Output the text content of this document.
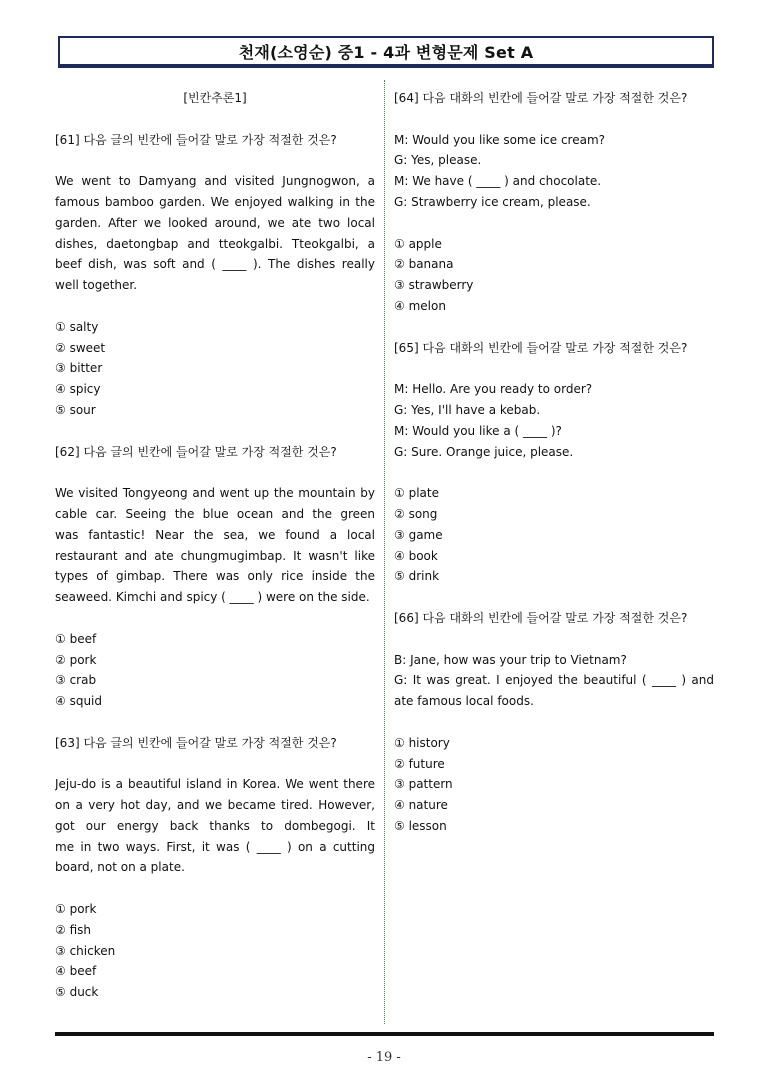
천재(소영순) 중1 - 4과 변형문제 Set A
[빈칸추론1]
[61] 다음 글의 빈칸에 들어갈 말로 가장 적절한 것은?
We went to Damyang and visited Jungnogwon, a
famous bamboo garden. We enjoyed walking in the
garden. After we looked around, we ate two local
dishes, daetongbap and tteokgalbi. Tteokgalbi, a
beef dish, was soft and ( ____ ). The dishes really
well together.
① salty
② sweet
③ bitter
④ spicy
⑤ sour
[62] 다음 글의 빈칸에 들어갈 말로 가장 적절한 것은?
We visited Tongyeong and went up the mountain by
cable car. Seeing the blue ocean and the green
was fantastic! Near the sea, we found a local
restaurant and ate chungmugimbap. It wasn't like
types of gimbap. There was only rice inside the
seaweed. Kimchi and spicy ( ____ ) were on the side.
① beef
② pork
③ crab
④ squid
[63] 다음 글의 빈칸에 들어갈 말로 가장 적절한 것은?
Jeju-do is a beautiful island in Korea. We went there
on a very hot day, and we became tired. However,
got our energy back thanks to dombegogi. It
me in two ways. First, it was ( ____ ) on a cutting
board, not on a plate.
① pork
② fish
③ chicken
④ beef
⑤ duck
[64] 다음 대화의 빈칸에 들어갈 말로 가장 적절한 것은?
M: Would you like some ice cream?
G: Yes, please.
M: We have ( ____ ) and chocolate.
G: Strawberry ice cream, please.
① apple
② banana
③ strawberry
④ melon
[65] 다음 대화의 빈칸에 들어갈 말로 가장 적절한 것은?
M: Hello. Are you ready to order?
G: Yes, I'll have a kebab.
M: Would you like a ( ____ )?
G: Sure. Orange juice, please.
① plate
② song
③ game
④ book
⑤ drink
[66] 다음 대화의 빈칸에 들어갈 말로 가장 적절한 것은?
B: Jane, how was your trip to Vietnam?
G: It was great. I enjoyed the beautiful ( ____ ) and
ate famous local foods.
① history
② future
③ pattern
④ nature
⑤ lesson
- 19 -
